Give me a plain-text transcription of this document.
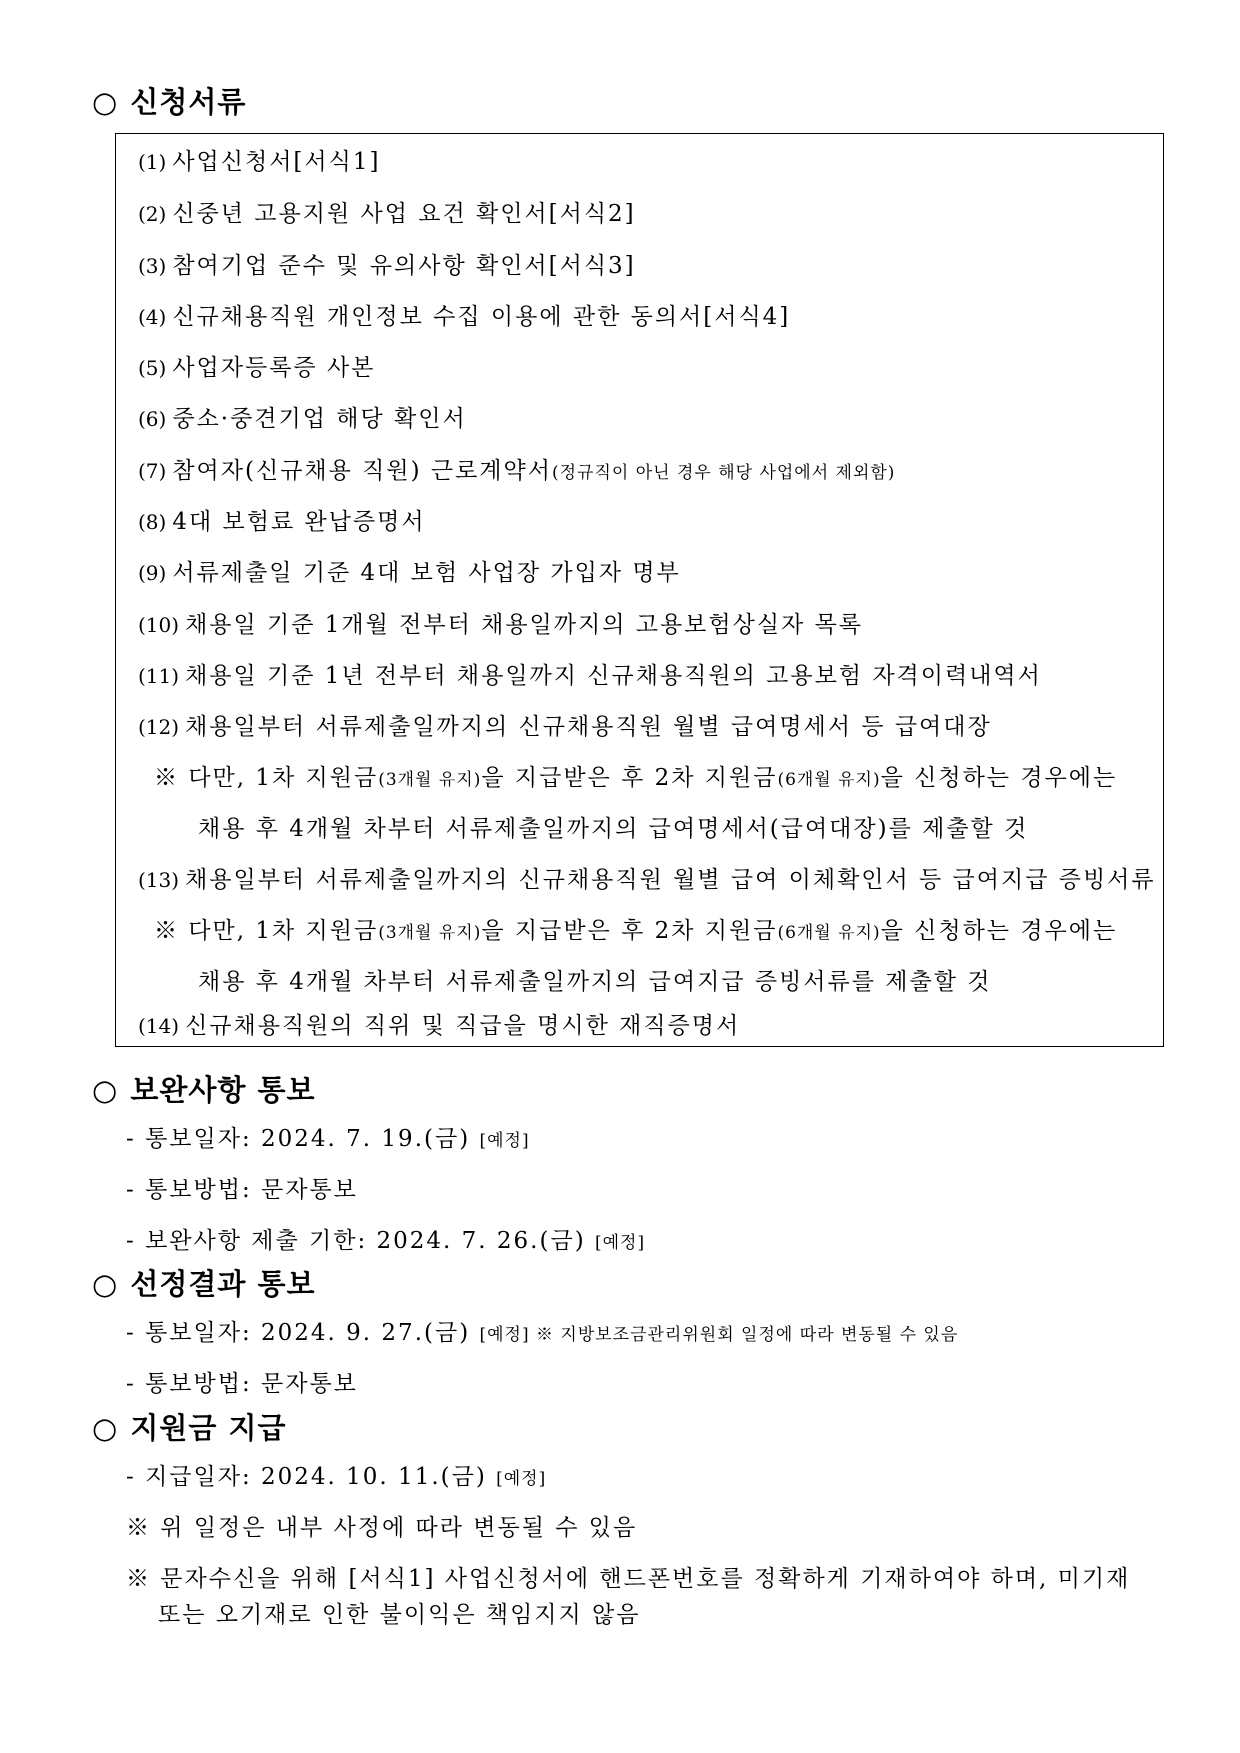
○ 신청서류
(1) 사업신청서[서식1]
(2) 신중년 고용지원 사업 요건 확인서[서식2]
(3) 참여기업 준수 및 유의사항 확인서[서식3]
(4) 신규채용직원 개인정보 수집 이용에 관한 동의서[서식4]
(5) 사업자등록증 사본
(6) 중소·중견기업 해당 확인서
(7) 참여자(신규채용 직원) 근로계약서(정규직이 아닌 경우 해당 사업에서 제외함)
(8) 4대 보험료 완납증명서
(9) 서류제출일 기준 4대 보험 사업장 가입자 명부
(10) 채용일 기준 1개월 전부터 채용일까지의 고용보험상실자 목록
(11) 채용일 기준 1년 전부터 채용일까지 신규채용직원의 고용보험 자격이력내역서
(12) 채용일부터 서류제출일까지의 신규채용직원 월별 급여명세서 등 급여대장
※ 다만, 1차 지원금(3개월 유지)을 지급받은 후 2차 지원금(6개월 유지)을 신청하는 경우에는
채용 후 4개월 차부터 서류제출일까지의 급여명세서(급여대장)를 제출할 것
(13) 채용일부터 서류제출일까지의 신규채용직원 월별 급여 이체확인서 등 급여지급 증빙서류
※ 다만, 1차 지원금(3개월 유지)을 지급받은 후 2차 지원금(6개월 유지)을 신청하는 경우에는
채용 후 4개월 차부터 서류제출일까지의 급여지급 증빙서류를 제출할 것
(14) 신규채용직원의 직위 및 직급을 명시한 재직증명서
○ 보완사항 통보
- 통보일자: 2024. 7. 19.(금) [예정]
- 통보방법: 문자통보
- 보완사항 제출 기한: 2024. 7. 26.(금) [예정]
○ 선정결과 통보
- 통보일자: 2024. 9. 27.(금) [예정] ※ 지방보조금관리위원회 일정에 따라 변동될 수 있음
- 통보방법: 문자통보
○ 지원금 지급
- 지급일자: 2024. 10. 11.(금) [예정]
※ 위 일정은 내부 사정에 따라 변동될 수 있음
※ 문자수신을 위해 [서식1] 사업신청서에 핸드폰번호를 정확하게 기재하여야 하며, 미기재
또는 오기재로 인한 불이익은 책임지지 않음
